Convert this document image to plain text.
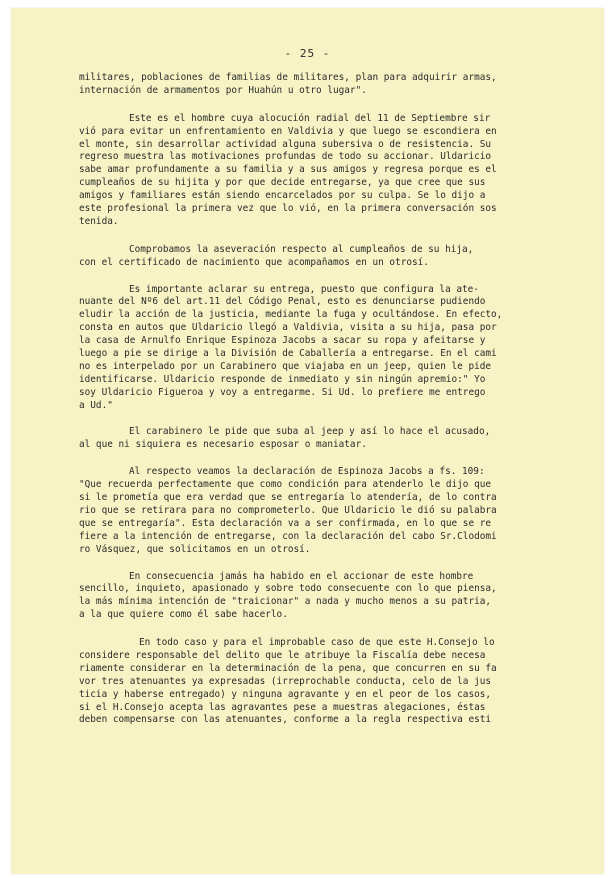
- 25 -
militares, poblaciones de familias de militares, plan para adquirir armas,
internación de armamentos por Huahún u otro lugar".
Este es el hombre cuya alocución radial del 11 de Septiembre sir
vió para evitar un enfrentamiento en Valdivia y que luego se escondiera en
el monte, sin desarrollar actividad alguna subersiva o de resistencia. Su
regreso muestra las motivaciones profundas de todo su accionar. Uldaricio
sabe amar profundamente a su familia y a sus amigos y regresa porque es el
cumpleaños de su hijita y por que decide entregarse, ya que cree que sus
amigos y familiares están siendo encarcelados por su culpa. Se lo dijo a
este profesional la primera vez que lo vió, en la primera conversación sos
tenida.
Comprobamos la aseveración respecto al cumpleaños de su hija,
con el certificado de nacimiento que acompañamos en un otrosí.
Es importante aclarar su entrega, puesto que configura la ate-
nuante del Nº6 del art.11 del Código Penal, esto es denunciarse pudiendo
eludir la acción de la justicia, mediante la fuga y ocultándose. En efecto,
consta en autos que Uldaricio llegó a Valdivia, visita a su hija, pasa por
la casa de Arnulfo Enrique Espinoza Jacobs a sacar su ropa y afeitarse y
luego a pie se dirige a la División de Caballería a entregarse. En el cami
no es interpelado por un Carabinero que viajaba en un jeep, quien le pide
identificarse. Uldaricio responde de inmediato y sin ningún apremio:" Yo
soy Uldaricio Figueroa y voy a entregarme. Si Ud. lo prefiere me entrego
a Ud."
El carabinero le pide que suba al jeep y así lo hace el acusado,
al que ni siquiera es necesario esposar o maniatar.
Al respecto veamos la declaración de Espinoza Jacobs a fs. 109:
"Que recuerda perfectamente que como condición para atenderlo le dijo que
si le prometía que era verdad que se entregaría lo atendería, de lo contra
rio que se retirara para no comprometerlo. Que Uldaricio le dió su palabra
que se entregaría". Esta declaración va a ser confirmada, en lo que se re
fiere a la intención de entregarse, con la declaración del cabo Sr.Clodomi
ro Vásquez, que solicitamos en un otrosí.
En consecuencia jamás ha habido en el accionar de este hombre
sencillo, inquieto, apasionado y sobre todo consecuente con lo que piensa,
la más mínima intención de "traicionar" a nada y mucho menos a su patria,
a la que quiere como él sabe hacerlo.
En todo caso y para el improbable caso de que este H.Consejo lo
considere responsable del delito que le atribuye la Fiscalía debe necesa
riamente considerar en la determinación de la pena, que concurren en su fa
vor tres atenuantes ya expresadas (irreprochable conducta, celo de la jus
ticia y haberse entregado) y ninguna agravante y en el peor de los casos,
si el H.Consejo acepta las agravantes pese a muestras alegaciones, éstas
deben compensarse con las atenuantes, conforme a la regla respectiva esti
